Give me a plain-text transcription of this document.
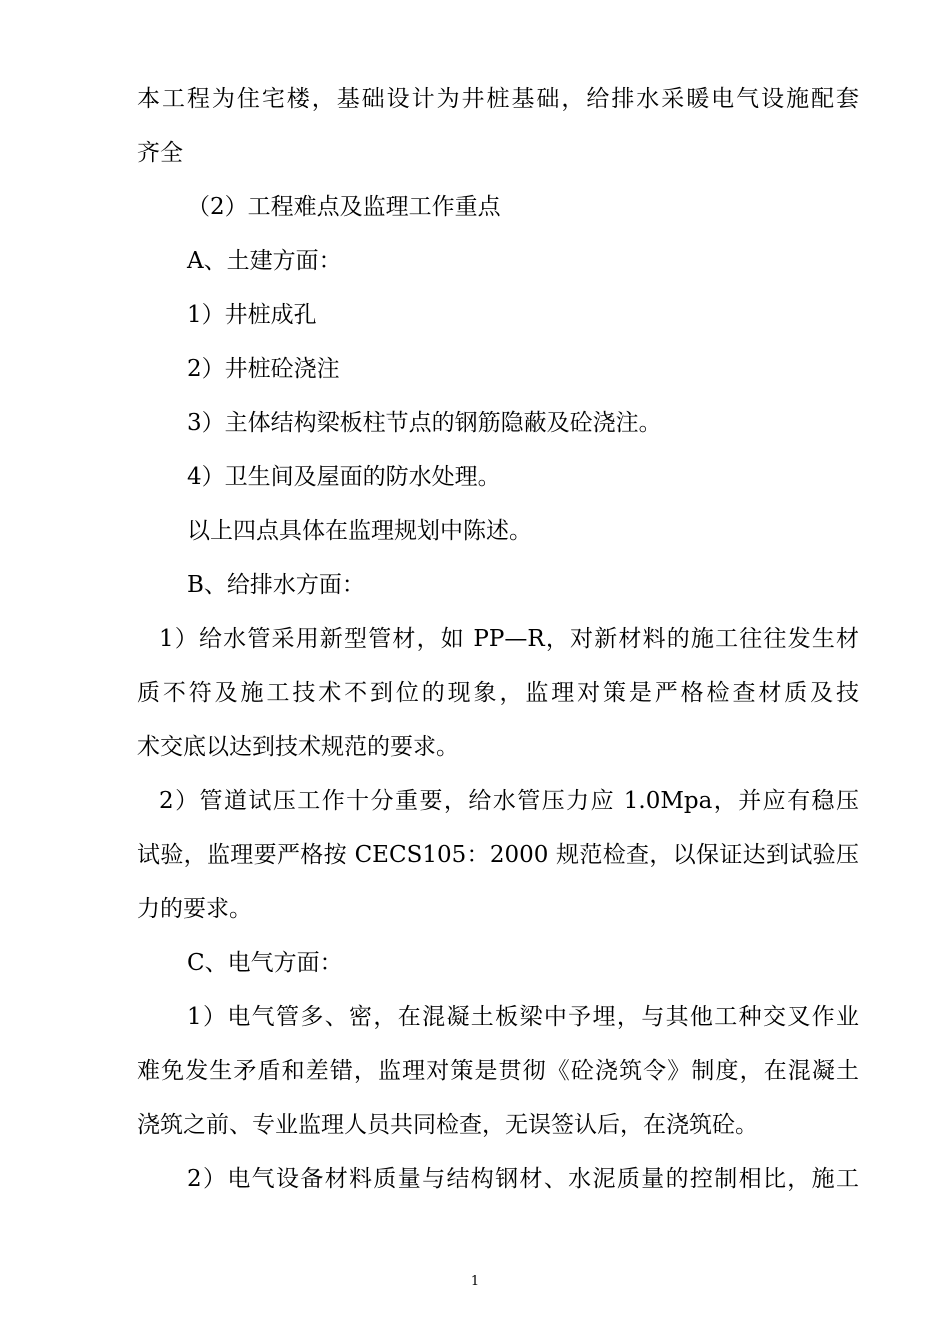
本工程为住宅楼，基础设计为井桩基础，给排水采暖电气设施配套
齐全
（2）工程难点及监理工作重点
A、土建方面：
1）井桩成孔
2）井桩砼浇注
3）主体结构梁板柱节点的钢筋隐蔽及砼浇注。
4）卫生间及屋面的防水处理。
以上四点具体在监理规划中陈述。
B、给排水方面：
1）给水管采用新型管材，如 PP—R，对新材料的施工往往发生材
质不符及施工技术不到位的现象，监理对策是严格检查材质及技
术交底以达到技术规范的要求。
2）管道试压工作十分重要，给水管压力应 1.0Mpa，并应有稳压
试验，监理要严格按 CECS105：2000 规范检查，以保证达到试验压
力的要求。
C、电气方面：
1）电气管多、密，在混凝土板梁中予埋，与其他工种交叉作业
难免发生矛盾和差错，监理对策是贯彻《砼浇筑令》制度，在混凝土
浇筑之前、专业监理人员共同检查，无误签认后，在浇筑砼。
2）电气设备材料质量与结构钢材、水泥质量的控制相比，施工
1
